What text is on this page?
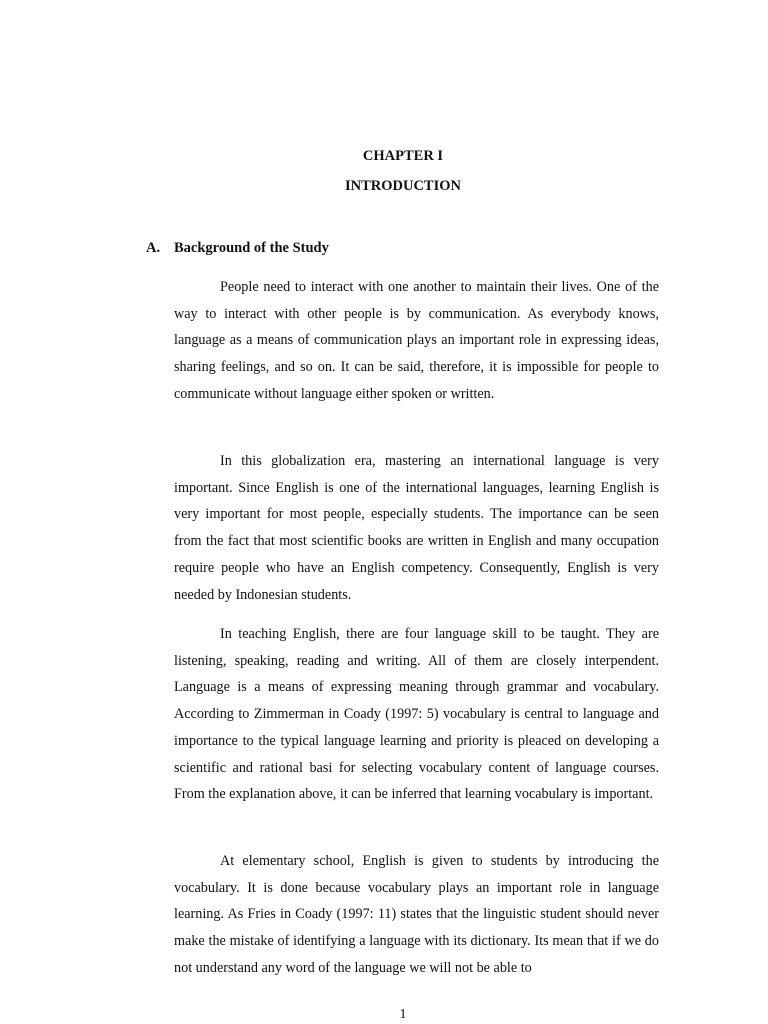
CHAPTER I
INTRODUCTION
A. Background of the Study

People need to interact with one another to maintain their lives. One of the way to interact with other people is by communication. As everybody knows, language as a means of communication plays an important role in expressing ideas, sharing feelings, and so on. It can be said, therefore, it is impossible for people to communicate without language either spoken or written.

In this globalization era, mastering an international language is very important. Since English is one of the international languages, learning English is very important for most people, especially students. The importance can be seen from the fact that most scientific books are written in English and many occupation require people who have an English competency. Consequently, English is very needed by Indonesian students.

In teaching English, there are four language skill to be taught. They are listening, speaking, reading and writing. All of them are closely interpendent. Language is a means of expressing meaning through grammar and vocabulary. According to Zimmerman in Coady (1997: 5) vocabulary is central to language and importance to the typical language learning and priority is pleaced on developing a scientific and rational basi for selecting vocabulary content of language courses. From the explanation above, it can be inferred that learning vocabulary is important.

At elementary school, English is given to students by introducing the vocabulary. It is done because vocabulary plays an important role in language learning. As Fries in Coady (1997: 11) states that the linguistic student should never make the mistake of identifying a language with its dictionary. Its mean that if we do not understand any word of the language we will not be able to

1
